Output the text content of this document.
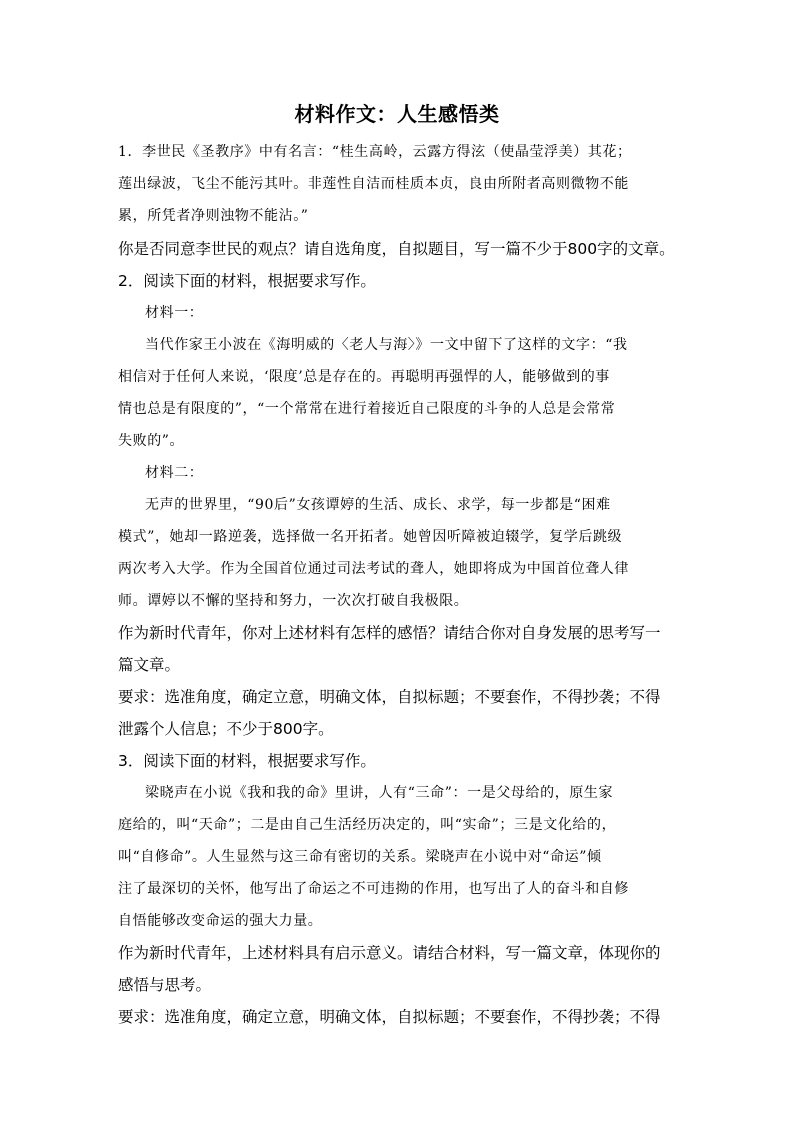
材料作文：人生感悟类
1．李世民《圣教序》中有名言：“桂生高岭，云露方得泫（使晶莹浮美）其花；
莲出绿波，飞尘不能污其叶。非莲性自洁而桂质本贞，良由所附者高则微物不能
累，所凭者净则浊物不能沾。”
你是否同意李世民的观点？请自选角度，自拟题目，写一篇不少于800字的文章。
2．阅读下面的材料，根据要求写作。
材料一：
当代作家王小波在《海明威的〈老人与海〉》一文中留下了这样的文字：“我
相信对于任何人来说，‘限度’总是存在的。再聪明再强悍的人，能够做到的事
情也总是有限度的”，“一个常常在进行着接近自己限度的斗争的人总是会常常
失败的”。
材料二：
无声的世界里，“90后”女孩谭婷的生活、成长、求学，每一步都是“困难
模式”，她却一路逆袭，选择做一名开拓者。她曾因听障被迫辍学，复学后跳级
两次考入大学。作为全国首位通过司法考试的聋人，她即将成为中国首位聋人律
师。谭婷以不懈的坚持和努力，一次次打破自我极限。
作为新时代青年，你对上述材料有怎样的感悟？请结合你对自身发展的思考写一
篇文章。
要求：选准角度，确定立意，明确文体，自拟标题；不要套作，不得抄袭；不得
泄露个人信息；不少于800字。
3．阅读下面的材料，根据要求写作。
梁晓声在小说《我和我的命》里讲，人有“三命”：一是父母给的，原生家
庭给的，叫“天命”；二是由自己生活经历决定的，叫“实命”；三是文化给的，
叫“自修命”。人生显然与这三命有密切的关系。梁晓声在小说中对“命运”倾
注了最深切的关怀，他写出了命运之不可违拗的作用，也写出了人的奋斗和自修
自悟能够改变命运的强大力量。
作为新时代青年，上述材料具有启示意义。请结合材料，写一篇文章，体现你的
感悟与思考。
要求：选准角度，确定立意，明确文体，自拟标题；不要套作，不得抄袭；不得
